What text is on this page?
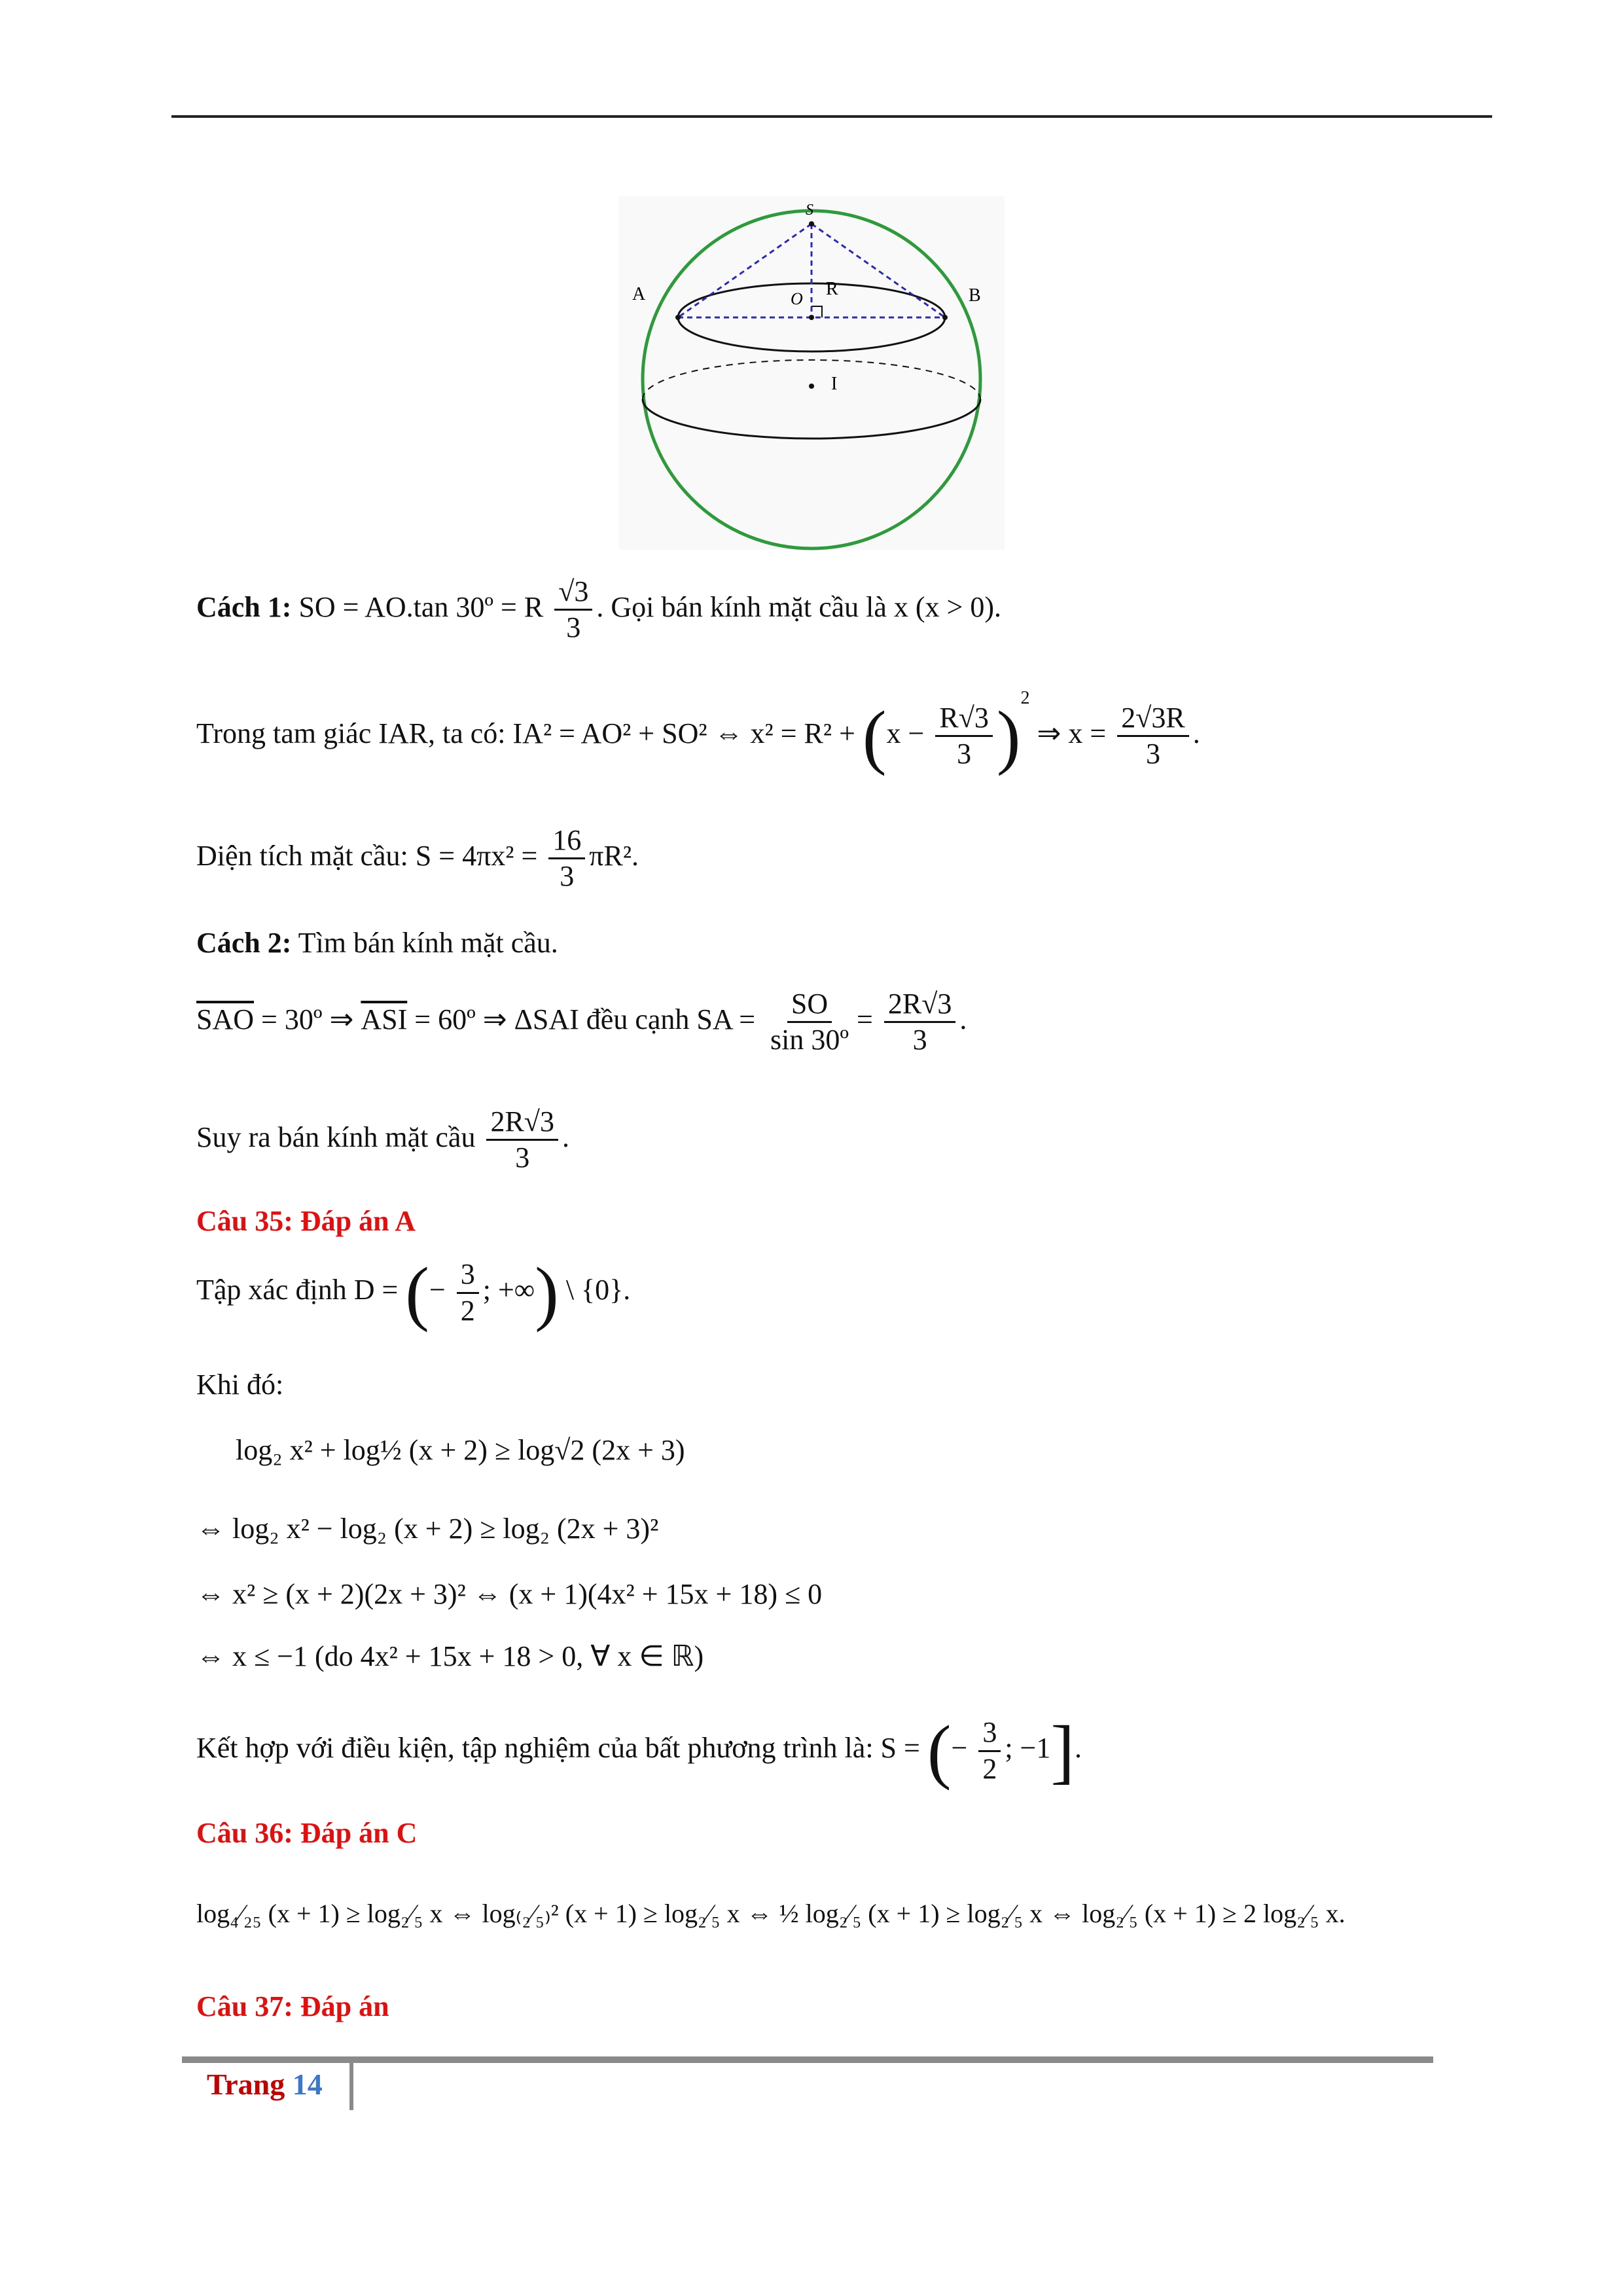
S
A	B
O R
I
Cách 1: SO = AO.tan 30º = R $\frac{√3}{3}$ . Gọi bán kính mặt cầu là x (x > 0).
Trong tam giác IAR, ta có: IA² = AO² + SO² ⇔ $x^2 = R^2 + (x - \frac{R√3}{3} )^2$ ⇒ $x = \frac{2√3R}{3}$ .
Diện tích mặt cầu: $S = 4\pi x^2 = \frac{16}{3} \pi R^2$.
Cách 2: Tìm bán kính mặt cầu.
$\overline{SAO}$ = 30º ⇒ $\overline{ASI}$ = 60º ⇒ ΔSAI đều cạnh SA = $\frac{SO}{\text{sin 30º}} = \frac{2R√3}{3}$ .
Suy ra bán kính mặt cầu $\frac{2R√3}{3}$ .
Câu 35: Đáp án A
Tập xác định D = (− $\frac{3}{2}$ ; +∞) \ {0}.
Khi đó:
log₂ x² + log½ (x + 2) ≥ log√2 (2x + 3)
⇔ log₂ x² − log₂ (x + 2) ≥ log₂ (2x + 3)²
⇔ x² ≥ (x + 2)(2x + 3)² ⇔ (x + 1)(4x² + 15x + 18) ≤ 0
⇔ x ≤ −1 (do 4x² + 15x + 18 > 0, ∀ x ∈ ℝ)
Kết hợp với điều kiện, tập nghiệm của bất phương trình là: S = (− $\frac{3}{2}$ ; −1].
Câu 36: Đáp án C
log₄⁄₂₅ (x + 1) ≥ log₂⁄₅ x ⇔ log₍₂⁄₅₎² (x + 1) ≥ log₂⁄₅ x ⇔ ½ log₂⁄₅ (x + 1) ≥ log₂⁄₅ x ⇔ log₂⁄₅ (x + 1) ≥ 2 log₂⁄₅ x.
Câu 37: Đáp án
Trang 14
